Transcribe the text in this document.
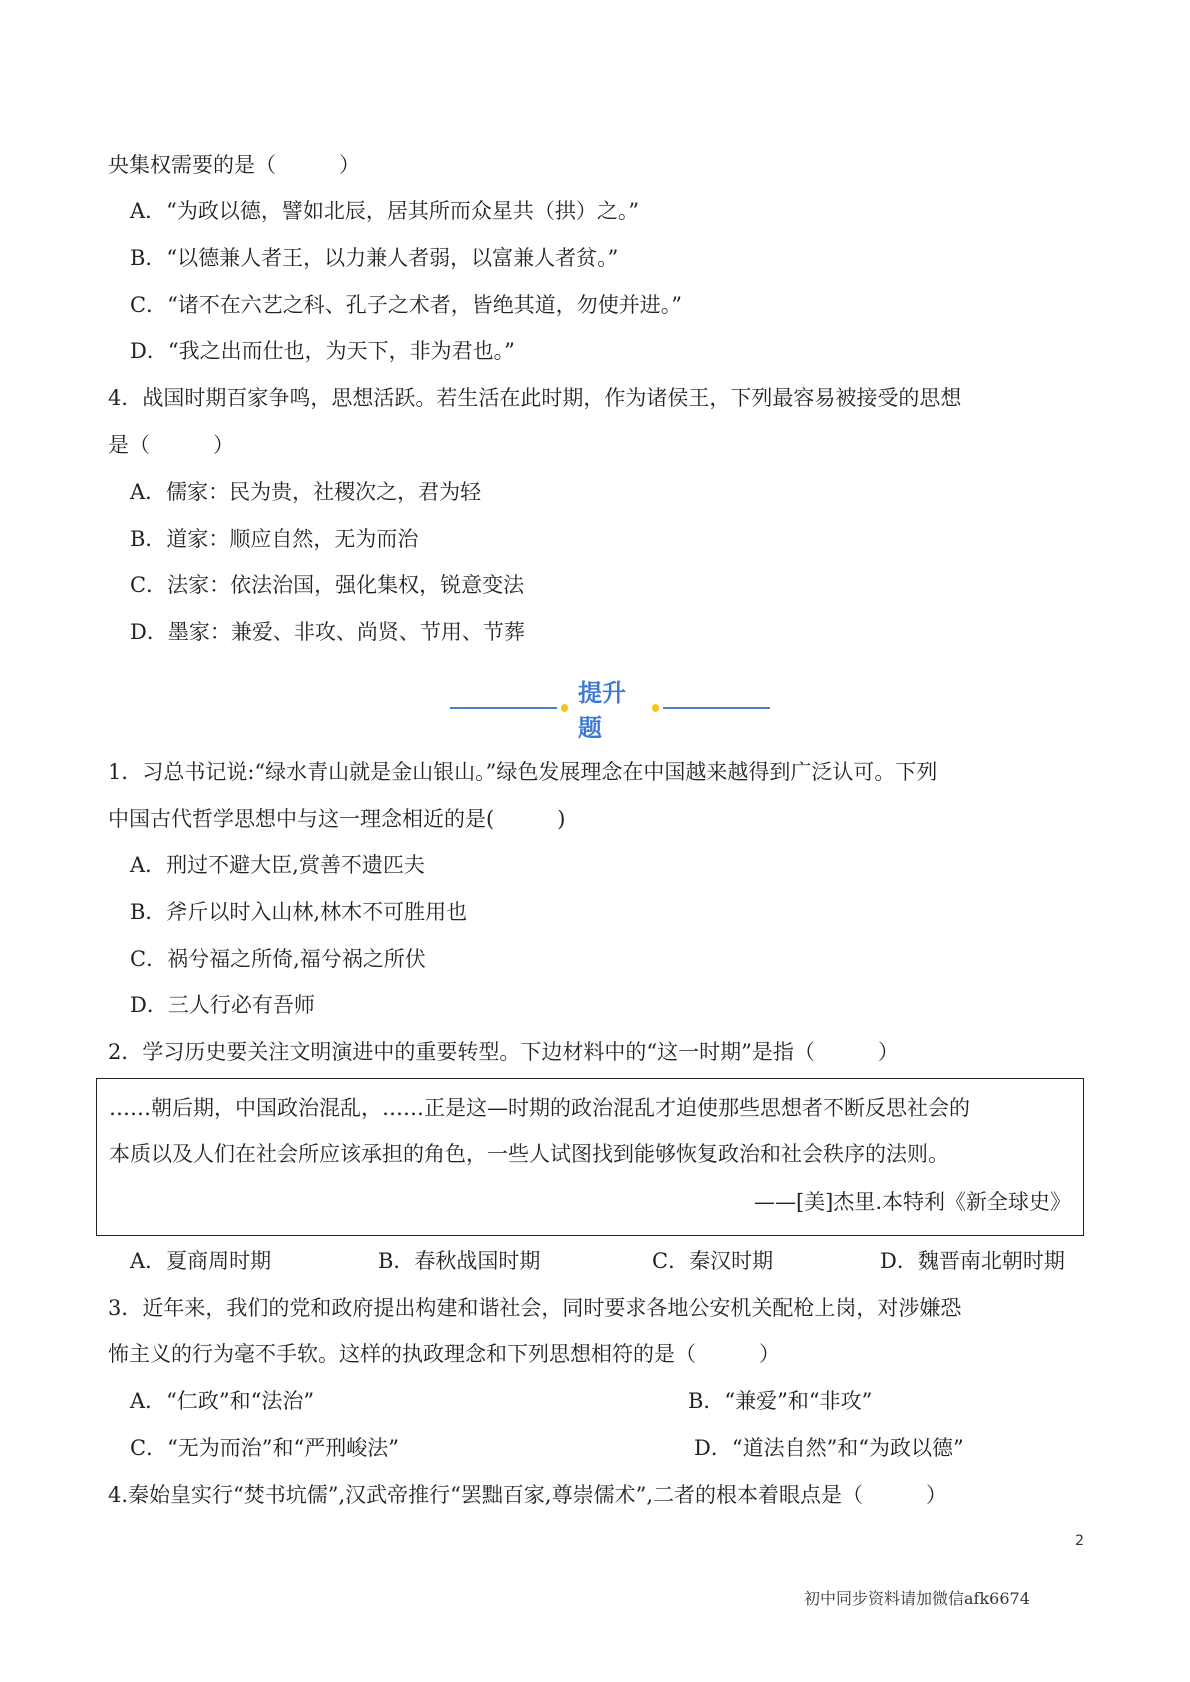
央集权需要的是（　　　）
A．“为政以德，譬如北辰，居其所而众星共（拱）之。”
B．“以德兼人者王，以力兼人者弱，以富兼人者贫。”
C．“诸不在六艺之科、孔子之术者，皆绝其道，勿使并进。”
D．“我之出而仕也，为天下，非为君也。”
4．战国时期百家争鸣，思想活跃。若生活在此时期，作为诸侯王，下列最容易被接受的思想
是（　　　）
A．儒家：民为贵，社稷次之，君为轻
B．道家：顺应自然，无为而治
C．法家：依法治国，强化集权，锐意变法
D．墨家：兼爱、非攻、尚贤、节用、节葬
提升题
1．习总书记说:“绿水青山就是金山银山。”绿色发展理念在中国越来越得到广泛认可。下列
中国古代哲学思想中与这一理念相近的是(　　　)
A．刑过不避大臣,赏善不遗匹夫
B．斧斤以时入山林,林木不可胜用也
C．祸兮福之所倚,福兮祸之所伏
D．三人行必有吾师
2．学习历史要关注文明演进中的重要转型。下边材料中的“这一时期”是指（　　　）
……朝后期，中国政治混乱，……正是这—时期的政治混乱才迫使那些思想者不断反思社会的
本质以及人们在社会所应该承担的角色，一些人试图找到能够恢复政治和社会秩序的法则。
——[美]杰里.本特利《新全球史》
A．夏商周时期	B．春秋战国时期	C．秦汉时期	D．魏晋南北朝时期
3．近年来，我们的党和政府提出构建和谐社会，同时要求各地公安机关配枪上岗，对涉嫌恐
怖主义的行为毫不手软。这样的执政理念和下列思想相符的是（　　　）
A．“仁政”和“法治”	B．“兼爱”和“非攻”
C．“无为而治”和“严刑峻法”	D．“道法自然”和“为政以德”
4.秦始皇实行“焚书坑儒”,汉武帝推行“罢黜百家,尊崇儒术”,二者的根本着眼点是（　　　）
2
初中同步资料请加微信afk6674
